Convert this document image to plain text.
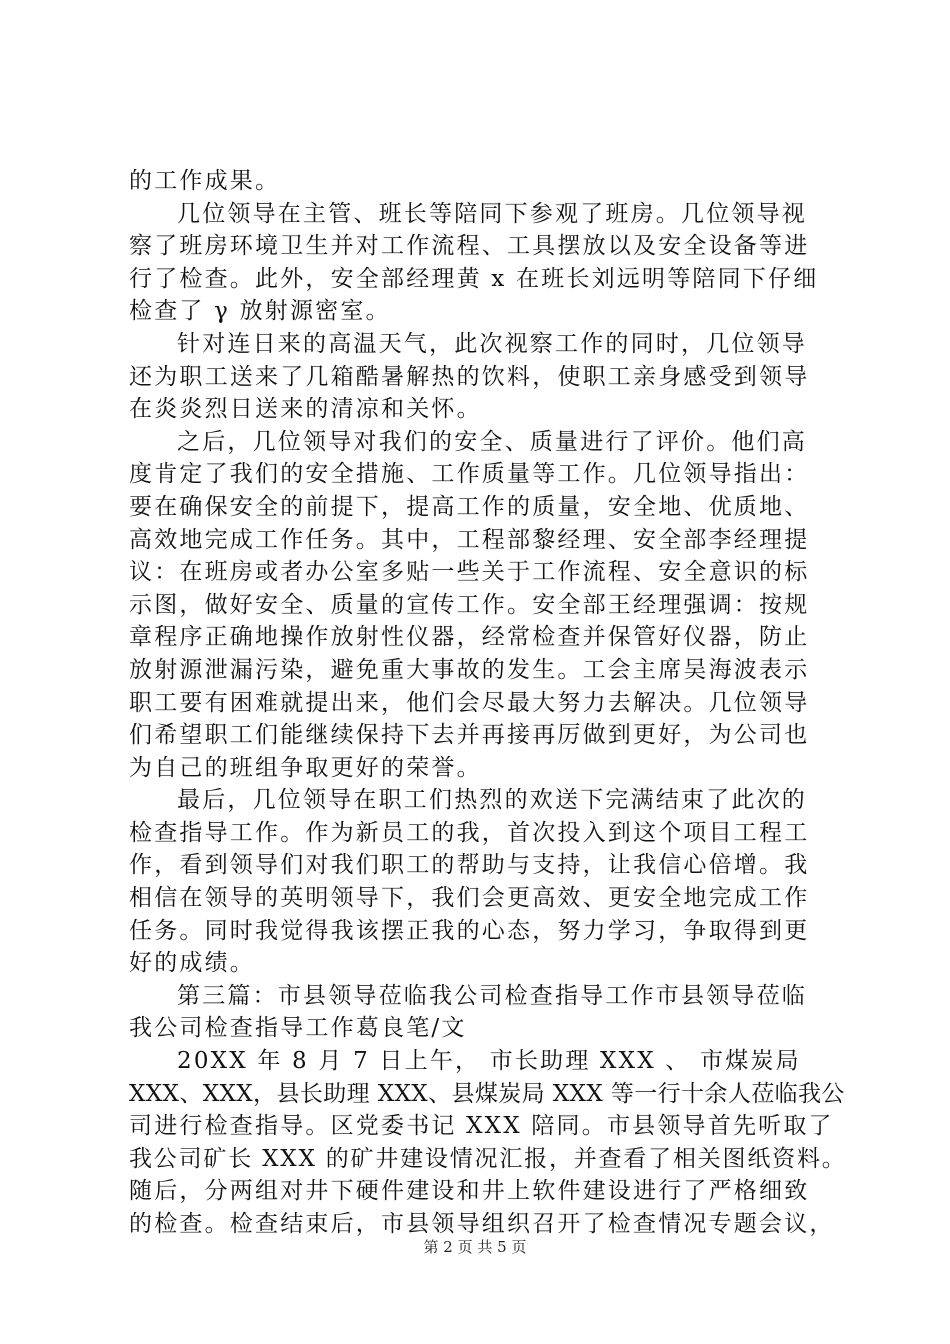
的工作成果。
几位领导在主管、班长等陪同下参观了班房。几位领导视
察了班房环境卫生并对工作流程、工具摆放以及安全设备等进
行了检查。此外，安全部经理黄 x 在班长刘远明等陪同下仔细
检查了 γ 放射源密室。
针对连日来的高温天气，此次视察工作的同时，几位领导
还为职工送来了几箱酷暑解热的饮料，使职工亲身感受到领导
在炎炎烈日送来的清凉和关怀。
之后，几位领导对我们的安全、质量进行了评价。他们高
度肯定了我们的安全措施、工作质量等工作。几位领导指出：
要在确保安全的前提下，提高工作的质量，安全地、优质地、
高效地完成工作任务。其中，工程部黎经理、安全部李经理提
议：在班房或者办公室多贴一些关于工作流程、安全意识的标
示图，做好安全、质量的宣传工作。安全部王经理强调：按规
章程序正确地操作放射性仪器，经常检查并保管好仪器，防止
放射源泄漏污染，避免重大事故的发生。工会主席吴海波表示
职工要有困难就提出来，他们会尽最大努力去解决。几位领导
们希望职工们能继续保持下去并再接再厉做到更好，为公司也
为自己的班组争取更好的荣誉。
最后，几位领导在职工们热烈的欢送下完满结束了此次的
检查指导工作。作为新员工的我，首次投入到这个项目工程工
作，看到领导们对我们职工的帮助与支持，让我信心倍增。我
相信在领导的英明领导下，我们会更高效、更安全地完成工作
任务。同时我觉得我该摆正我的心态，努力学习，争取得到更
好的成绩。
第三篇：市县领导莅临我公司检查指导工作市县领导莅临
我公司检查指导工作葛良笔/文
20XX 年 8 月 7 日上午， 市长助理 XXX 、 市煤炭局
XXX、XXX，县长助理 XXX、县煤炭局 XXX 等一行十余人莅临我公
司进行检查指导。区党委书记 XXX 陪同。市县领导首先听取了
我公司矿长 XXX 的矿井建设情况汇报，并查看了相关图纸资料。
随后，分两组对井下硬件建设和井上软件建设进行了严格细致
的检查。检查结束后，市县领导组织召开了检查情况专题会议，
第 2 页 共 5 页
